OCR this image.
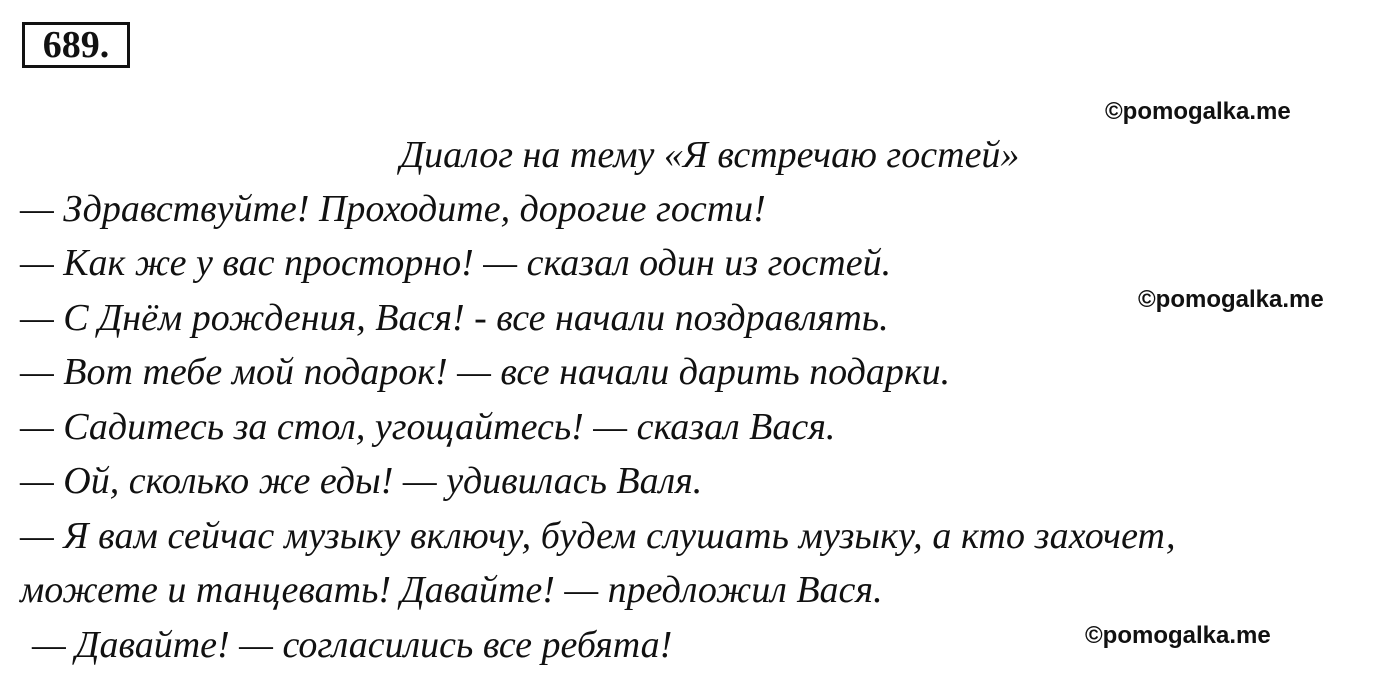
689.
©pomogalka.me
©pomogalka.me
©pomogalka.me
Диалог на тему «Я встречаю гостей»
— Здравствуйте! Проходите, дорогие гости!
— Как же у вас просторно! — сказал один из гостей.
— С Днём рождения, Вася! - все начали поздравлять.
— Вот тебе мой подарок! — все начали дарить подарки.
— Садитесь за стол, угощайтесь! — сказал Вася.
— Ой, сколько же еды! — удивилась Валя.
— Я вам сейчас музыку включу, будем слушать музыку, а кто захочет,
можете и танцевать! Давайте! — предложил Вася.
— Давайте! — согласились все ребята!
